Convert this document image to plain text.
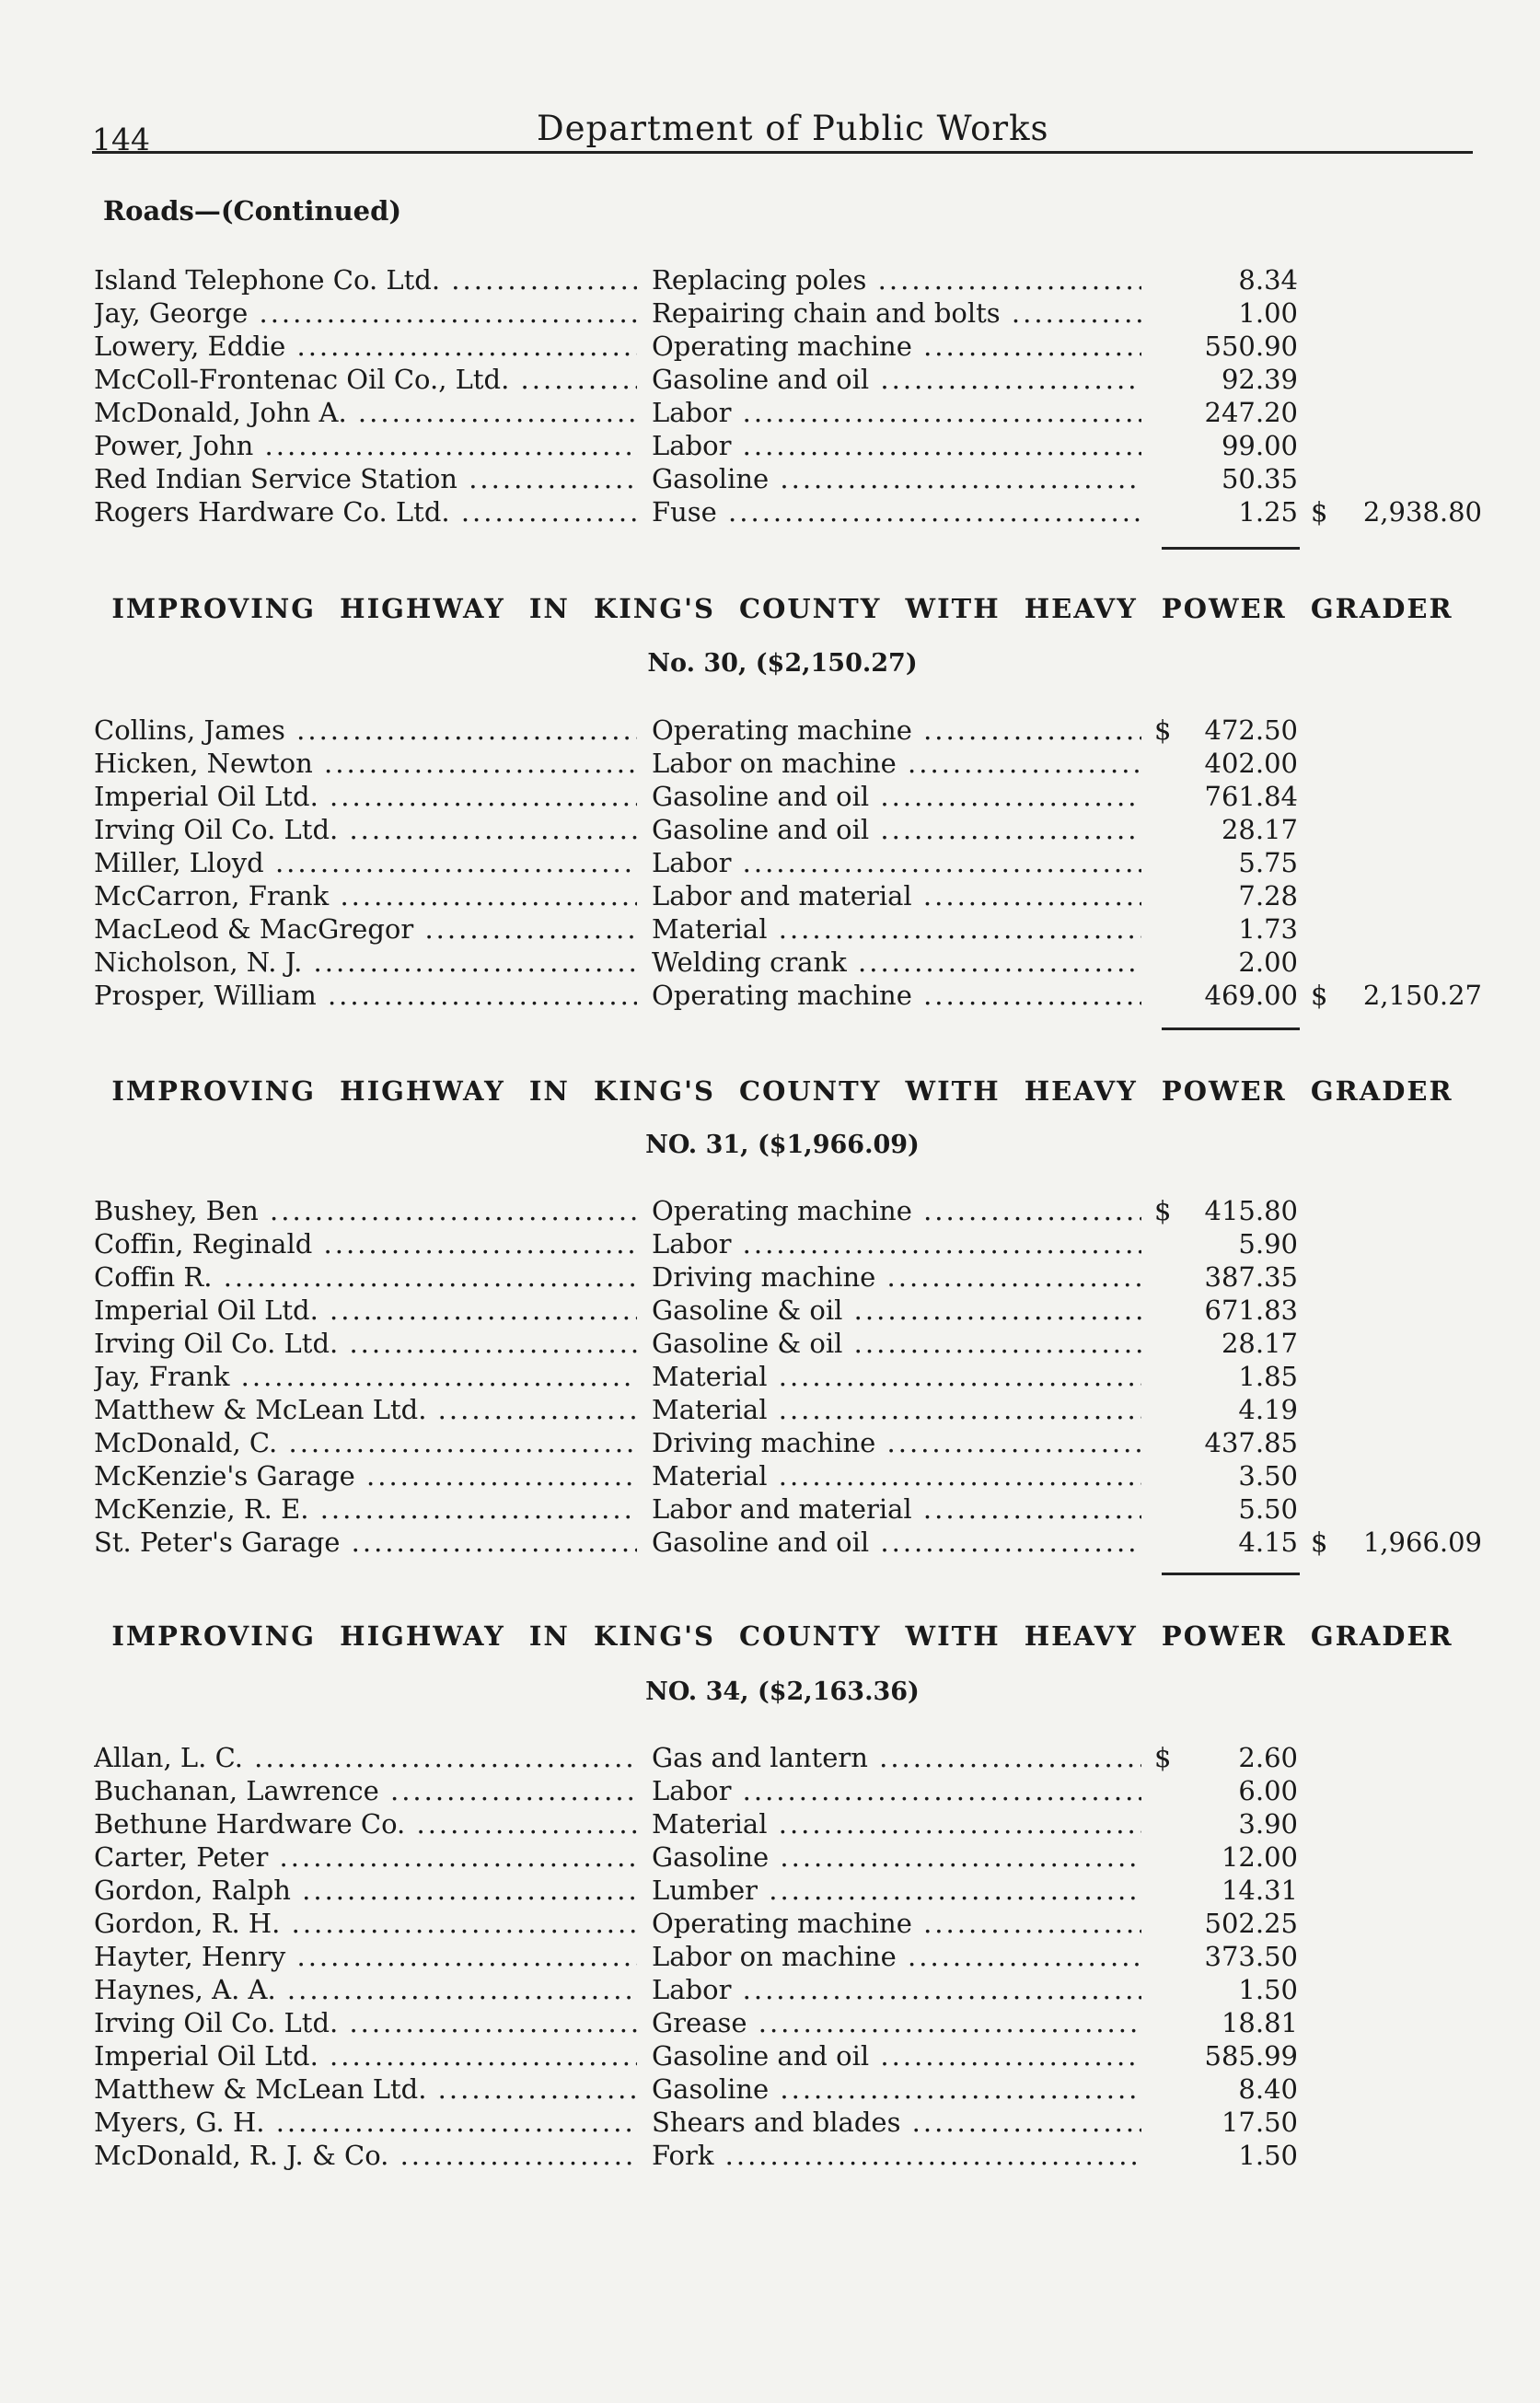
144	Department of Public Works
Roads—(Continued)
Island Telephone Co. Ltd. .....	Replacing poles .....	8.34
Jay, George .....	Repairing chain and bolts .....	1.00
Lowery, Eddie .....	Operating machine .....	550.90
McColl-Frontenac Oil Co., Ltd. .....	Gasoline and oil .....	92.39
McDonald, John A. .....	Labor .....	247.20
Power, John .....	Labor .....	99.00
Red Indian Service Station .....	Gasoline .....	50.35
Rogers Hardware Co. Ltd. .....	Fuse .....	1.25 $	2,938.80
IMPROVING HIGHWAY IN KING'S COUNTY WITH HEAVY POWER GRADER
No. 30, ($2,150.27)
Collins, James .....	Operating machine .....	$	472.50
Hicken, Newton .....	Labor on machine .....	402.00
Imperial Oil Ltd. .....	Gasoline and oil .....	761.84
Irving Oil Co. Ltd. .....	Gasoline and oil .....	28.17
Miller, Lloyd .....	Labor .....	5.75
McCarron, Frank .....	Labor and material .....	7.28
MacLeod & MacGregor .....	Material .....	1.73
Nicholson, N. J. .....	Welding crank .....	2.00
Prosper, William .....	Operating machine .....	469.00 $	2,150.27
IMPROVING HIGHWAY IN KING'S COUNTY WITH HEAVY POWER GRADER
NO. 31, ($1,966.09)
Bushey, Ben .....	Operating machine .....	$	415.80
Coffin, Reginald .....	Labor .....	5.90
Coffin R. .....	Driving machine .....	387.35
Imperial Oil Ltd. .....	Gasoline & oil .....	671.83
Irving Oil Co. Ltd. .....	Gasoline & oil .....	28.17
Jay, Frank .....	Material .....	1.85
Matthew & McLean Ltd. .....	Material .....	4.19
McDonald, C. .....	Driving machine .....	437.85
McKenzie's Garage .....	Material .....	3.50
McKenzie, R. E. .....	Labor and material .....	5.50
St. Peter's Garage .....	Gasoline and oil .....	4.15 $	1,966.09
IMPROVING HIGHWAY IN KING'S COUNTY WITH HEAVY POWER GRADER
NO. 34, ($2,163.36)
Allan, L. C. .....	Gas and lantern .....	$	2.60
Buchanan, Lawrence .....	Labor .....	6.00
Bethune Hardware Co. .....	Material .....	3.90
Carter, Peter .....	Gasoline .....	12.00
Gordon, Ralph .....	Lumber .....	14.31
Gordon, R. H. .....	Operating machine .....	502.25
Hayter, Henry .....	Labor on machine .....	373.50
Haynes, A. A. .....	Labor .....	1.50
Irving Oil Co. Ltd. .....	Grease .....	18.81
Imperial Oil Ltd. .....	Gasoline and oil .....	585.99
Matthew & McLean Ltd. .....	Gasoline .....	8.40
Myers, G. H. .....	Shears and blades .....	17.50
McDonald, R. J. & Co. .....	Fork .....	1.50
